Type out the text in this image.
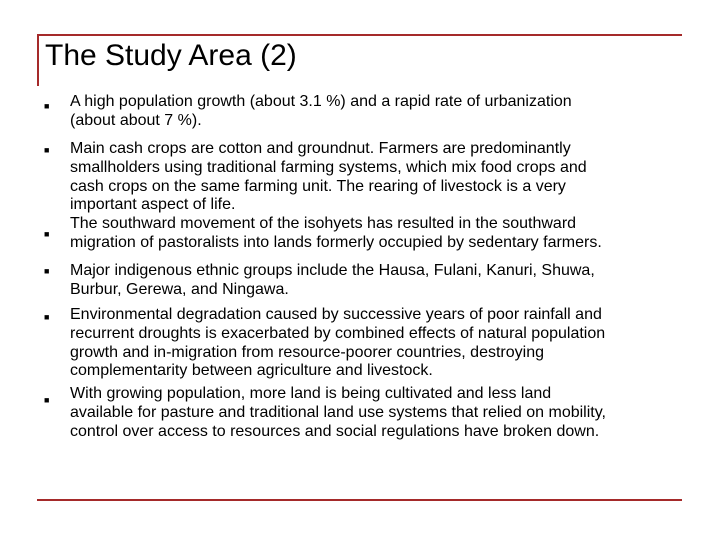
The Study Area (2)
■ A high population growth (about 3.1 %) and a rapid rate of urbanization
(about about 7 %).
■ Main cash crops are cotton and groundnut. Farmers are predominantly
smallholders using traditional farming systems, which mix food crops and
cash crops on the same farming unit. The rearing of livestock is a very
important aspect of life.
■
The southward movement of the isohyets has resulted in the southward
migration of pastoralists into lands formerly occupied by sedentary farmers.
■ Major indigenous ethnic groups include the Hausa, Fulani, Kanuri, Shuwa,
Burbur, Gerewa, and Ningawa.
■ Environmental degradation caused by successive years of poor rainfall and
recurrent droughts is exacerbated by combined effects of natural population
growth and in-migration from resource-poorer countries, destroying
complementarity between agriculture and livestock.
■ With growing population, more land is being cultivated and less land
available for pasture and traditional land use systems that relied on mobility,
control over access to resources and social regulations have broken down.
